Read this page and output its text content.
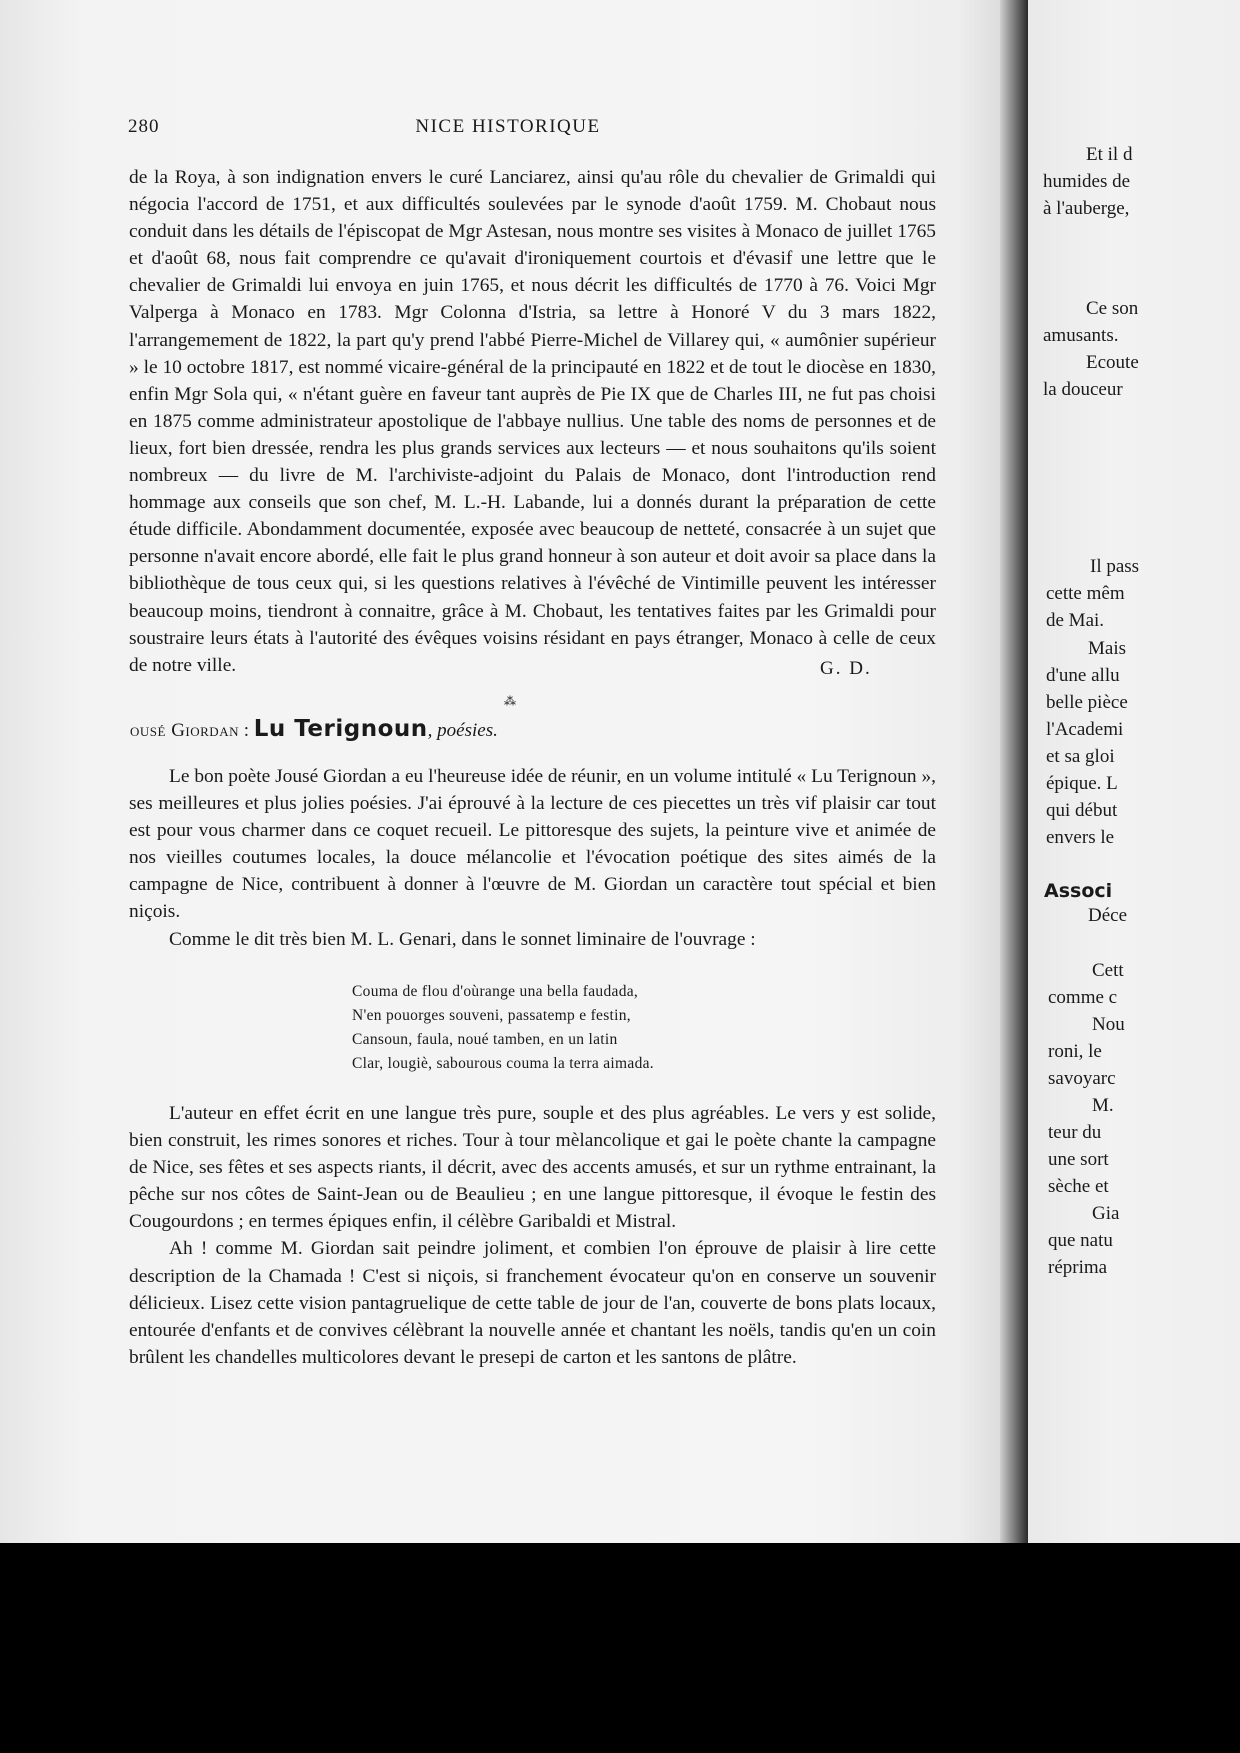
280	NICE HISTORIQUE

de la Roya, à son indignation envers le curé Lanciarez, ainsi qu'au rôle du chevalier de Grimaldi qui négocia l'accord de 1751, et aux difficultés soulevées par le synode d'août 1759. M. Chobaut nous conduit dans les détails de l'épiscopat de Mgr Astesan, nous montre ses visites à Monaco de juillet 1765 et d'août 68, nous fait comprendre ce qu'avait d'ironiquement courtois et d'évasif une lettre que le chevalier de Grimaldi lui envoya en juin 1765, et nous décrit les difficultés de 1770 à 76. Voici Mgr Valperga à Monaco en 1783. Mgr Colonna d'Istria, sa lettre à Honoré V du 3 mars 1822, l'arrangemement de 1822, la part qu'y prend l'abbé Pierre-Michel de Villarey qui, « aumônier supérieur » le 10 octobre 1817, est nommé vicaire-général de la principauté en 1822 et de tout le diocèse en 1830, enfin Mgr Sola qui, « n'étant guère en faveur tant auprès de Pie IX que de Charles III, ne fut pas choisi en 1875 comme administrateur apostolique de l'abbaye nullius. Une table des noms de personnes et de lieux, fort bien dressée, rendra les plus grands services aux lecteurs — et nous souhaitons qu'ils soient nombreux — du livre de M. l'archiviste-adjoint du Palais de Monaco, dont l'introduction rend hommage aux conseils que son chef, M. L.-H. Labande, lui a donnés durant la préparation de cette étude difficile. Abondamment documentée, exposée avec beaucoup de netteté, consacrée à un sujet que personne n'avait encore abordé, elle fait le plus grand honneur à son auteur et doit avoir sa place dans la bibliothèque de tous ceux qui, si les questions relatives à l'évêché de Vintimille peuvent les intéresser beaucoup moins, tiendront à connaitre, grâce à M. Chobaut, les tentatives faites par les Grimaldi pour soustraire leurs états à l'autorité des évêques voisins résidant en pays étranger, Monaco à celle de ceux de notre ville.	G. D.
⁂
ousé Giordan : Lu Terignoun, poésies.

Le bon poète Jousé Giordan a eu l'heureuse idée de réunir, en un volume intitulé « Lu Terignoun », ses meilleures et plus jolies poésies. J'ai éprouvé à la lecture de ces piecettes un très vif plaisir car tout est pour vous charmer dans ce coquet recueil. Le pittoresque des sujets, la peinture vive et animée de nos vieilles coutumes locales, la douce mélancolie et l'évocation poétique des sites aimés de la campagne de Nice, contribuent à donner à l'œuvre de M. Giordan un caractère tout spécial et bien niçois.

Comme le dit très bien M. L. Genari, dans le sonnet liminaire de l'ouvrage :

Couma de flou d'oùrange una bella faudada,
N'en pouorges souveni, passatemp e festin,
Cansoun, faula, noué tamben, en un latin
Clar, lougiè, sabourous couma la terra aimada.

L'auteur en effet écrit en une langue très pure, souple et des plus agréables. Le vers y est solide, bien construit, les rimes sonores et riches. Tour à tour mèlancolique et gai le poète chante la campagne de Nice, ses fêtes et ses aspects riants, il décrit, avec des accents amusés, et sur un rythme entrainant, la pêche sur nos côtes de Saint-Jean ou de Beaulieu ; en une langue pittoresque, il évoque le festin des Cougourdons ; en termes épiques enfin, il célèbre Garibaldi et Mistral.

Ah ! comme M. Giordan sait peindre joliment, et combien l'on éprouve de plaisir à lire cette description de la Chamada ! C'est si niçois, si franchement évocateur qu'on en conserve un souvenir délicieux. Lisez cette vision pantagruelique de cette table de jour de l'an, couverte de bons plats locaux, entourée d'enfants et de convives célèbrant la nouvelle année et chantant les noëls, tandis qu'en un coin brûlent les chandelles multicolores devant le presepi de carton et les santons de plâtre.

Et il d
humides de
à l'auberge,
Ce son
amusants.
Ecoute
la douceur
Il pass
cette mêm
de Mai.
Mais
d'une allu
belle pièce
l'Academi
et sa gloi
épique. L
qui début
envers le
Associ
Déce
Cett
comme c
Nou
roni, le
savoyarc
M.
teur du
une sort
sèche et
Gia
que natu
réprima
